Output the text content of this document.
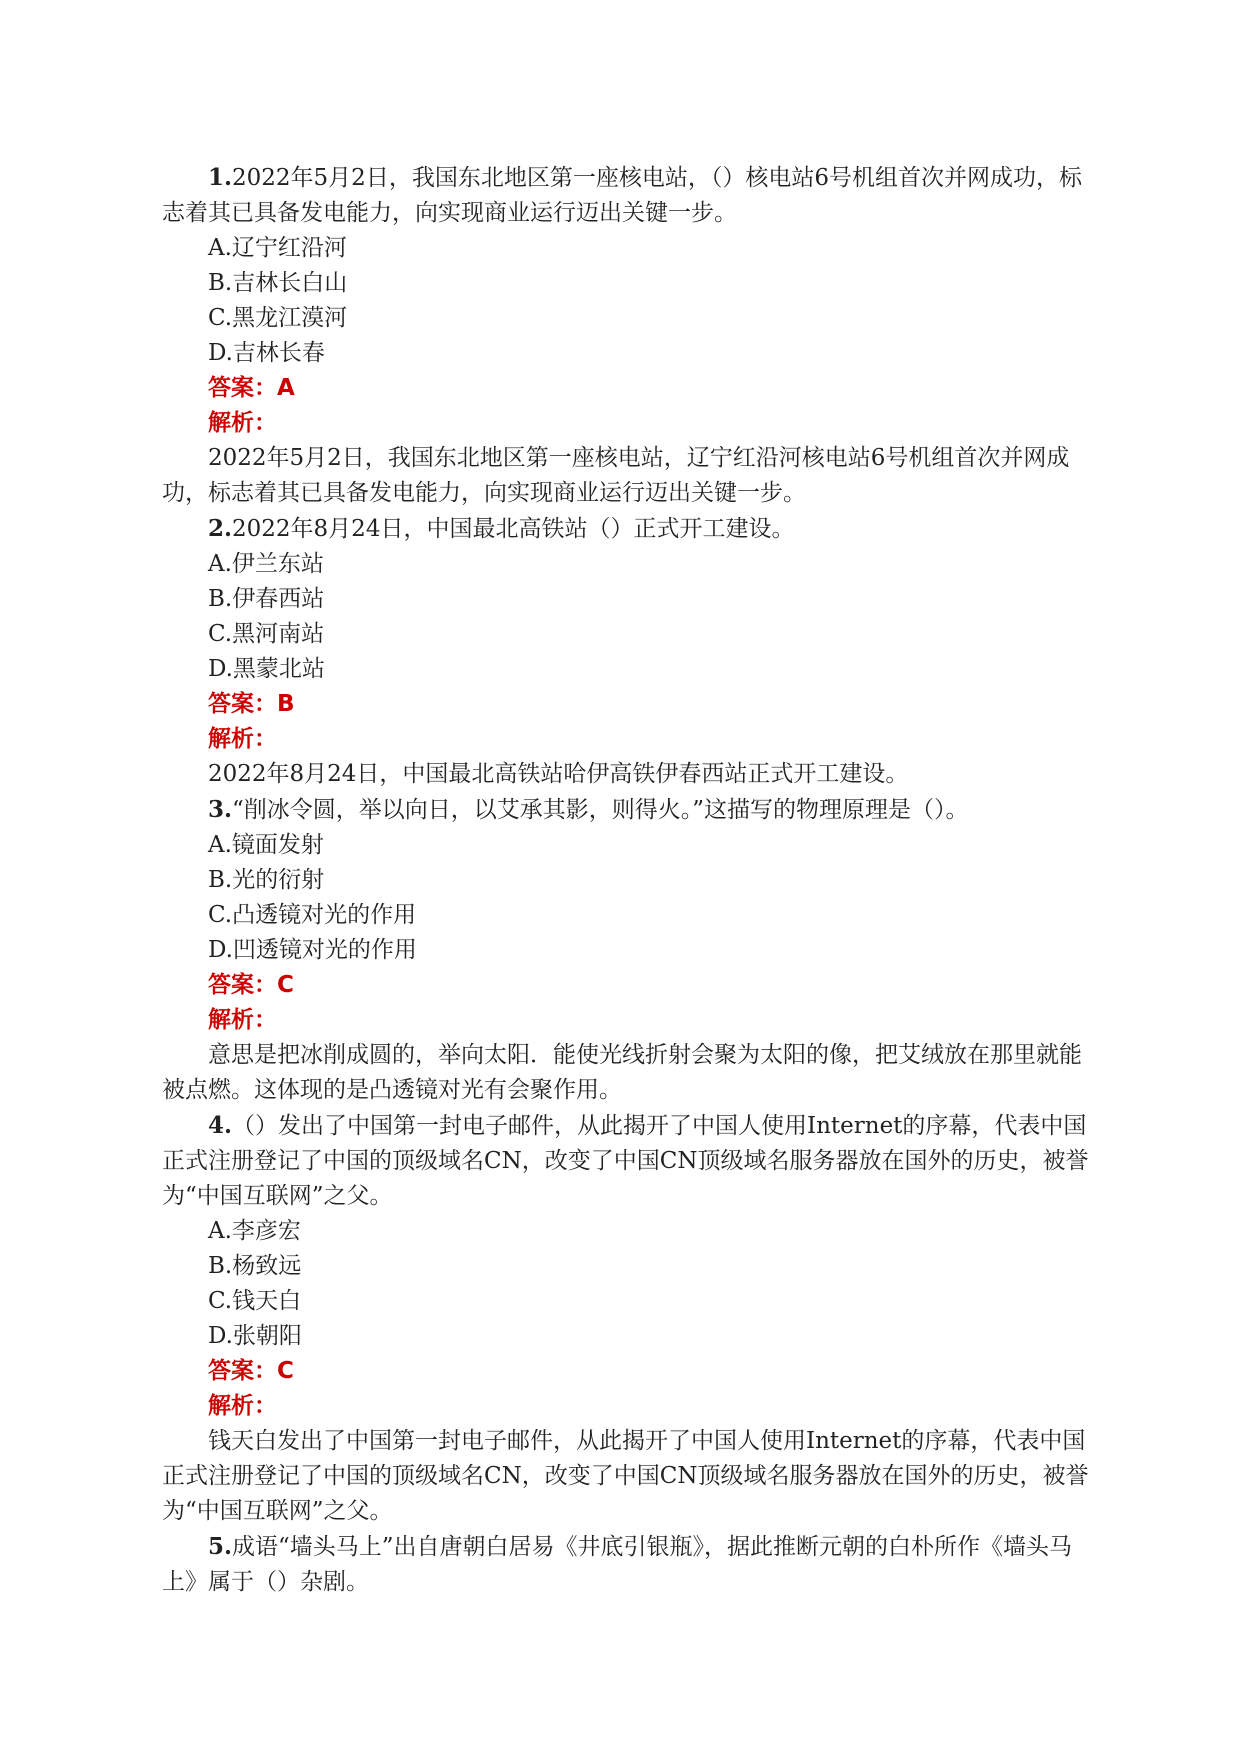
1.2022年5月2日，我国东北地区第一座核电站，（）核电站6号机组首次并网成功，标志着其已具备发电能力，向实现商业运行迈出关键一步。

A.辽宁红沿河

B.吉林长白山

C.黑龙江漠河

D.吉林长春

答案：A

解析：

2022年5月2日，我国东北地区第一座核电站，辽宁红沿河核电站6号机组首次并网成功，标志着其已具备发电能力，向实现商业运行迈出关键一步。

2.2022年8月24日，中国最北高铁站（）正式开工建设。

A.伊兰东站

B.伊春西站

C.黑河南站

D.黑蒙北站

答案：B

解析：

2022年8月24日，中国最北高铁站哈伊高铁伊春西站正式开工建设。

3.“削冰令圆，举以向日，以艾承其影，则得火。”这描写的物理原理是（）。

A.镜面发射

B.光的衍射

C.凸透镜对光的作用

D.凹透镜对光的作用

答案：C

解析：

意思是把冰削成圆的，举向太阳．能使光线折射会聚为太阳的像，把艾绒放在那里就能被点燃。这体现的是凸透镜对光有会聚作用。

4.（）发出了中国第一封电子邮件，从此揭开了中国人使用Internet的序幕，代表中国正式注册登记了中国的顶级域名CN，改变了中国CN顶级域名服务器放在国外的历史，被誉为“中国互联网”之父。

A.李彦宏

B.杨致远

C.钱天白

D.张朝阳

答案：C

解析：

钱天白发出了中国第一封电子邮件，从此揭开了中国人使用Internet的序幕，代表中国正式注册登记了中国的顶级域名CN，改变了中国CN顶级域名服务器放在国外的历史，被誉为“中国互联网”之父。

5.成语“墙头马上”出自唐朝白居易《井底引银瓶》，据此推断元朝的白朴所作《墙头马上》属于（）杂剧。
